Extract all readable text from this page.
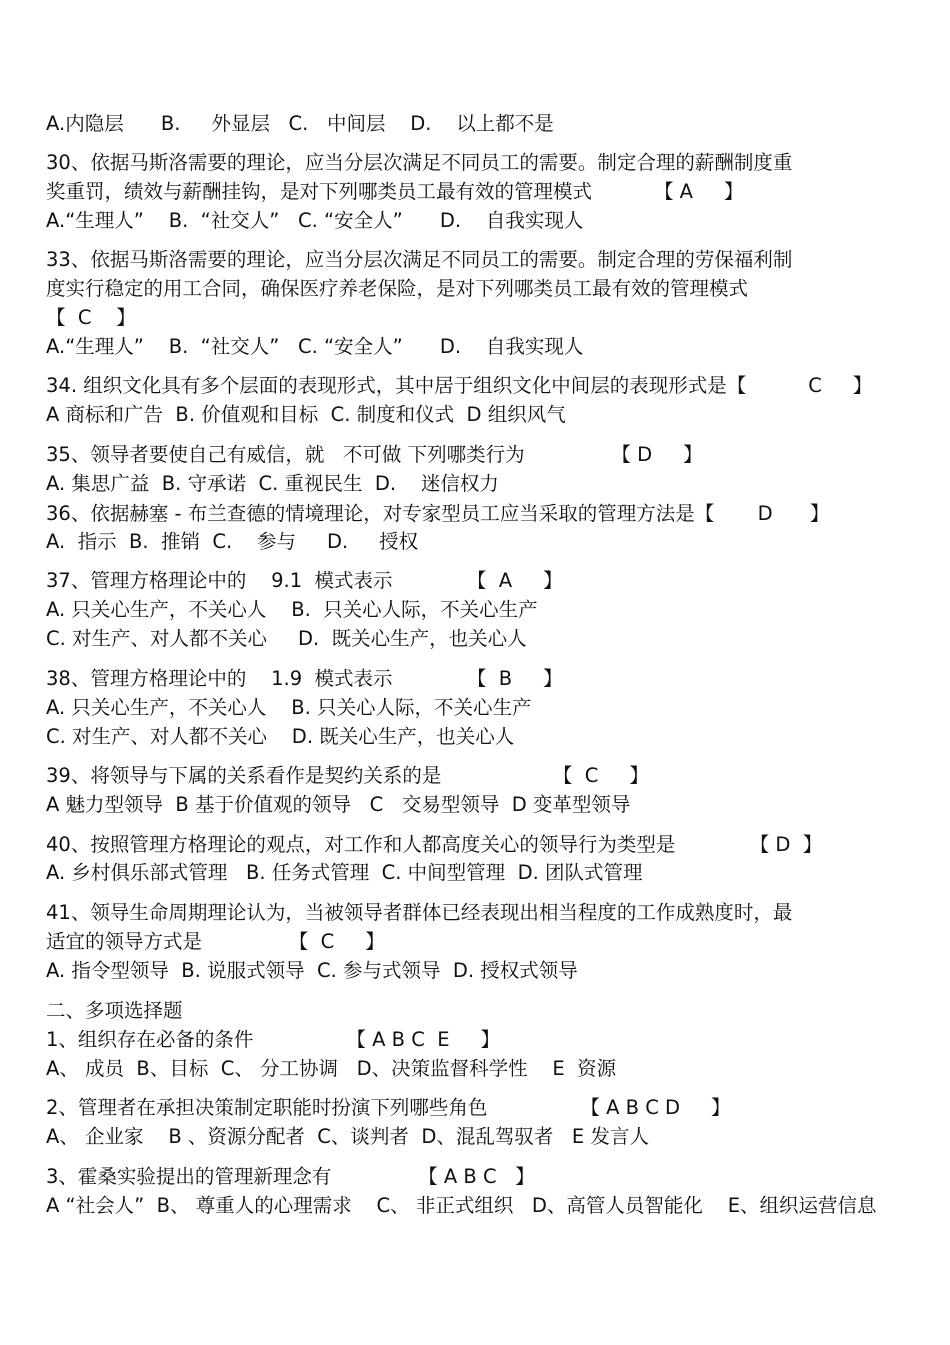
A.内隐层      B.     外显层   C.   中间层    D.    以上都不是
30、依据马斯洛需要的理论，应当分层次满足不同员工的需要。制定合理的薪酬制度重
奖重罚，绩效与薪酬挂钩，是对下列哪类员工最有效的管理模式          【 A     】
A.“生理人”    B.  “社交人”   C. “安全人”      D.    自我实现人
33、依据马斯洛需要的理论，应当分层次满足不同员工的需要。制定合理的劳保福利制
度实行稳定的用工合同，确保医疗养老保险，是对下列哪类员工最有效的管理模式
【  C    】
A.“生理人”    B.  “社交人”   C. “安全人”      D.    自我实现人
34. 组织文化具有多个层面的表现形式，其中居于组织文化中间层的表现形式是【          C     】
A 商标和广告  B. 价值观和目标  C. 制度和仪式  D 组织风气
35、领导者要使自己有威信，就   不可做 下列哪类行为              【 D     】
A. 集思广益  B. 守承诺  C. 重视民生  D.    迷信权力
36、依据赫塞 - 布兰查德的情境理论，对专家型员工应当采取的管理方法是【       D      】
A.  指示  B.  推销  C.    参与     D.     授权
37、管理方格理论中的    9.1  模式表示            【  A     】
A. 只关心生产，不关心人    B.  只关心人际，不关心生产
C. 对生产、对人都不关心     D.  既关心生产，也关心人
38、管理方格理论中的    1.9  模式表示            【  B     】
A. 只关心生产，不关心人    B. 只关心人际，不关心生产
C. 对生产、对人都不关心    D. 既关心生产，也关心人
39、将领导与下属的关系看作是契约关系的是                  【  C     】
A 魅力型领导  B 基于价值观的领导   C   交易型领导  D 变革型领导
40、按照管理方格理论的观点，对工作和人都高度关心的领导行为类型是            【 D  】
A. 乡村俱乐部式管理   B. 任务式管理  C. 中间型管理  D. 团队式管理
41、领导生命周期理论认为，当被领导者群体已经表现出相当程度的工作成熟度时，最
适宜的领导方式是              【  C     】
A. 指令型领导  B. 说服式领导  C. 参与式领导  D. 授权式领导
二、多项选择题
1、组织存在必备的条件               【 A B C  E     】
A、 成员  B、目标  C、 分工协调   D、决策监督科学性    E  资源
2、管理者在承担决策制定职能时扮演下列哪些角色               【 A B C D     】
A、 企业家    B 、资源分配者  C、谈判者  D、混乱驾驭者   E 发言人
3、霍桑实验提出的管理新理念有              【 A B C   】
A “社会人”  B、 尊重人的心理需求    C、 非正式组织   D、高管人员智能化    E、组织运营信息
